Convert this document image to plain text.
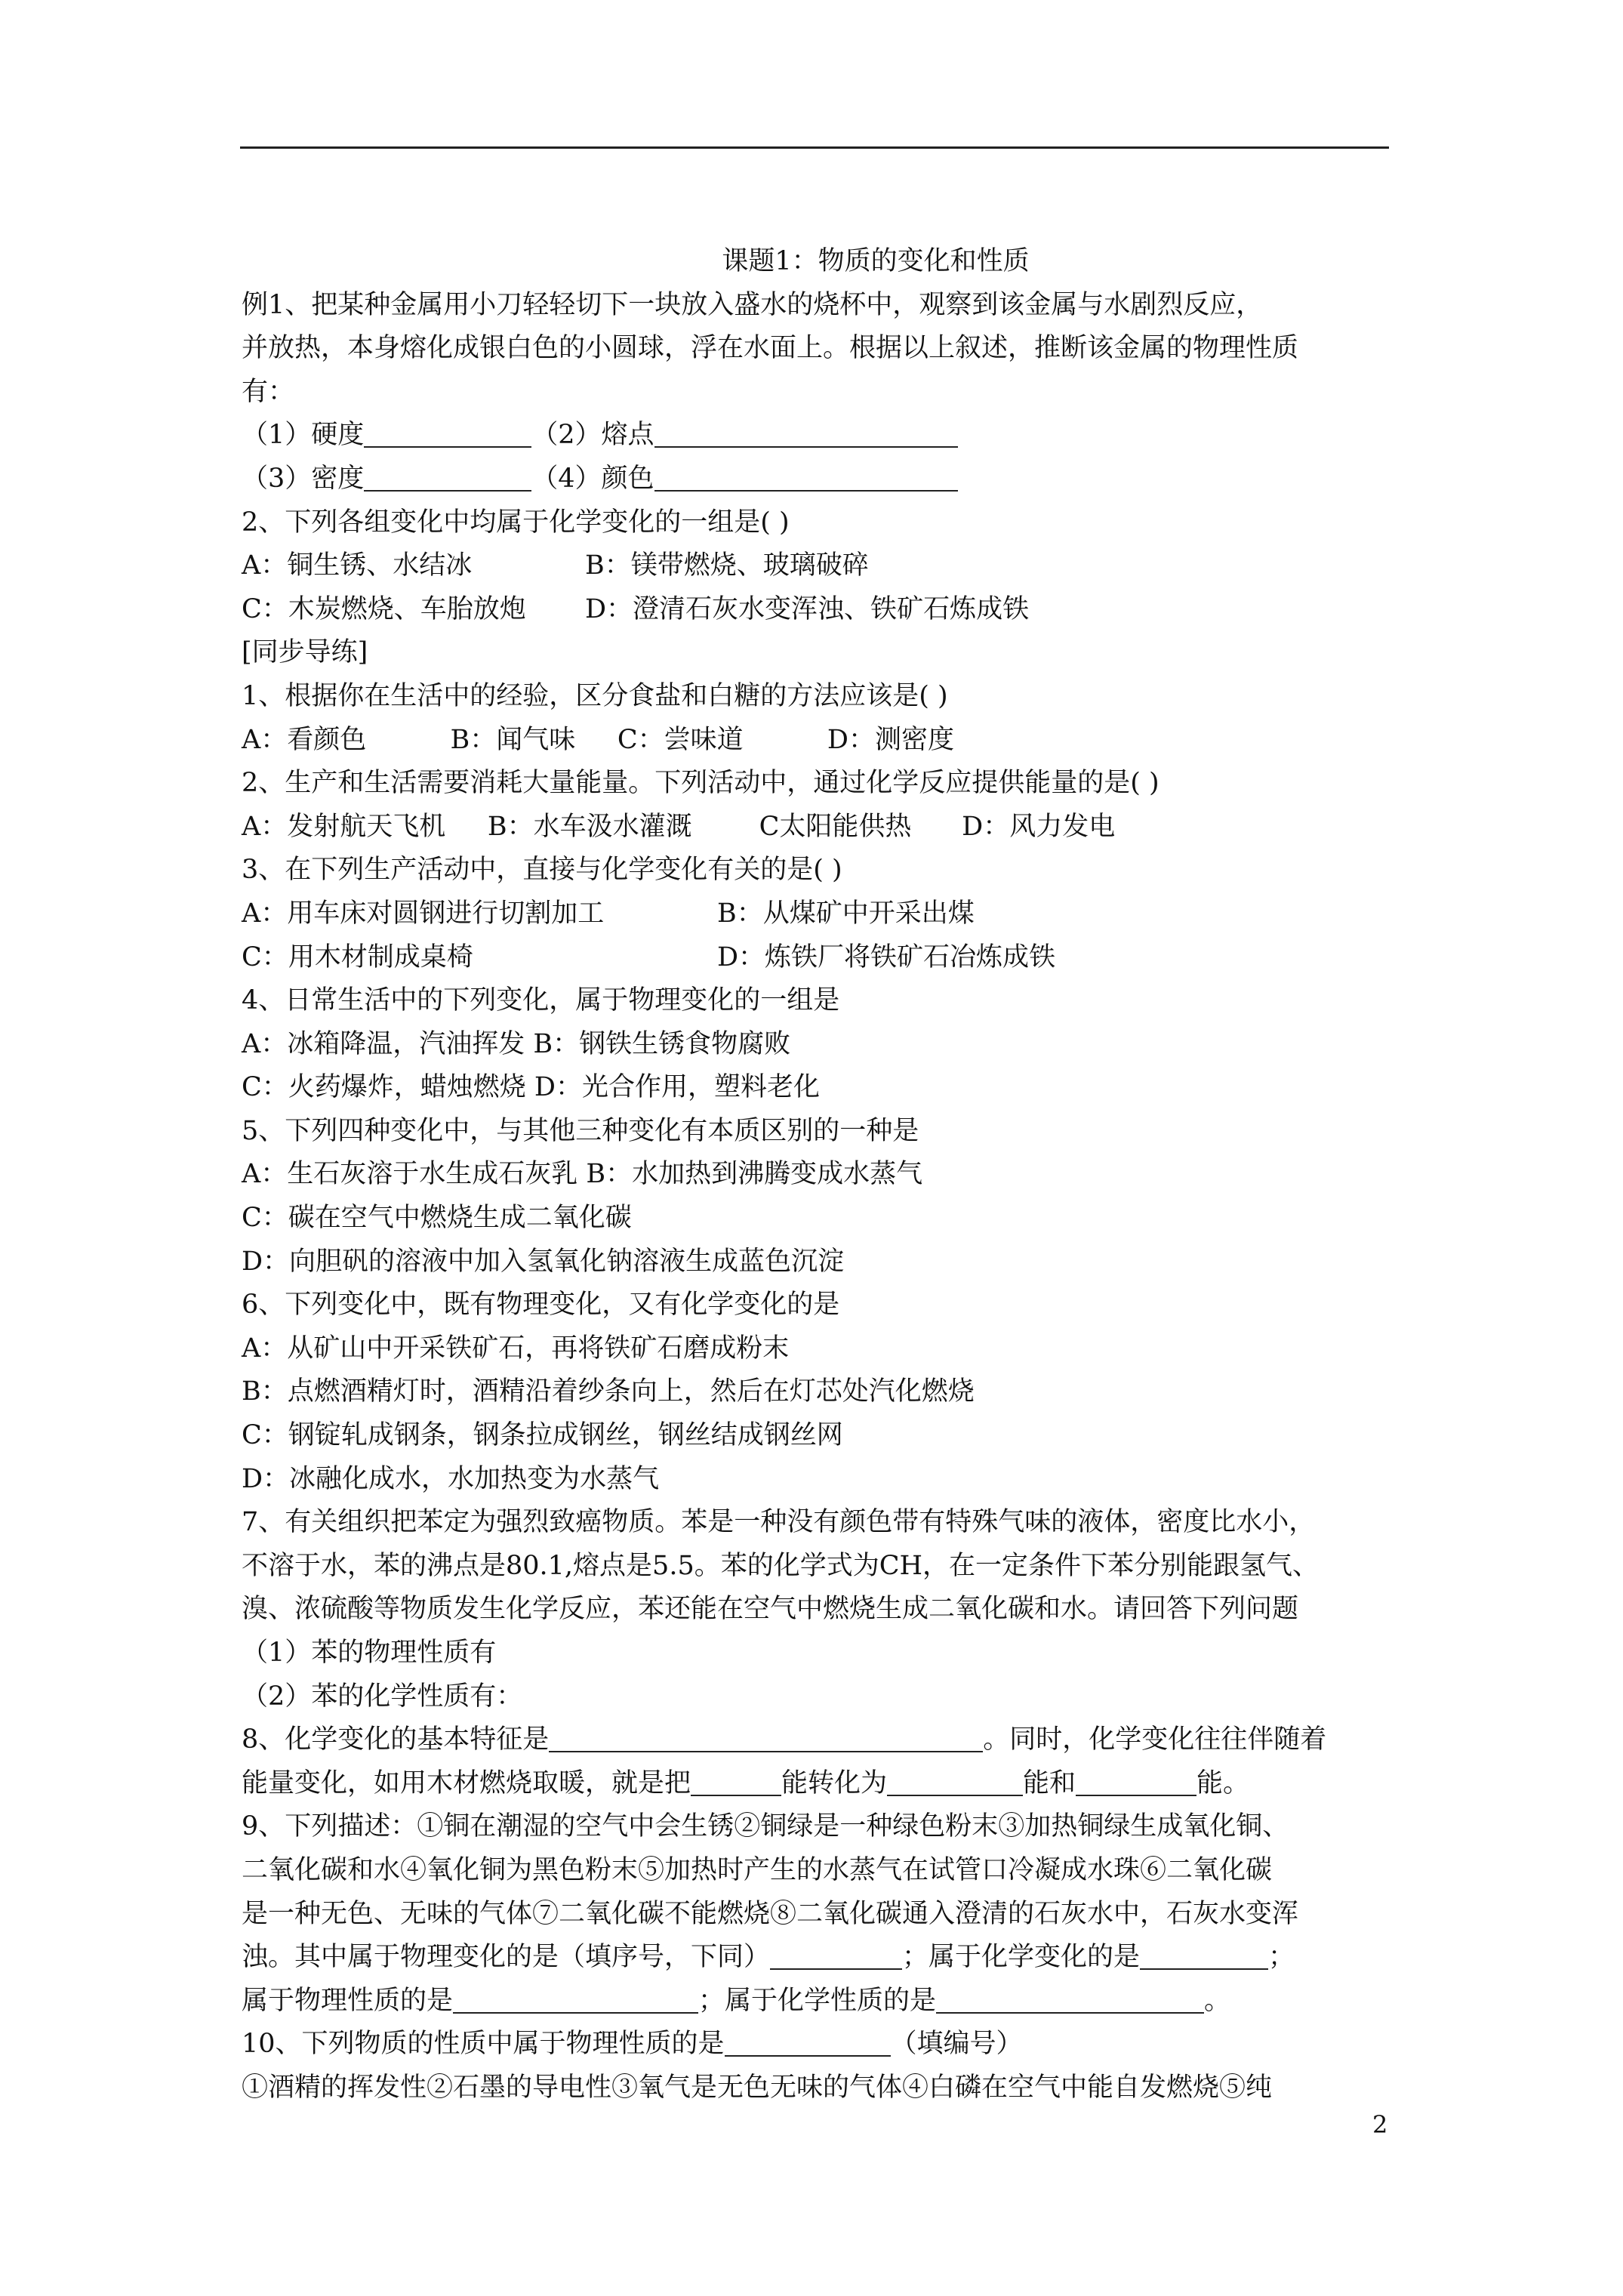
课题1：物质的变化和性质
例1、把某种金属用小刀轻轻切下一块放入盛水的烧杯中，观察到该金属与水剧烈反应，
并放热，本身熔化成银白色的小圆球，浮在水面上。根据以上叙述，推断该金属的物理性质
有：
（1）硬度	（2）熔点
（3）密度	（4）颜色
2、下列各组变化中均属于化学变化的一组是( )
A：铜生锈、水结冰	B：镁带燃烧、玻璃破碎
C：木炭燃烧、车胎放炮 D：澄清石灰水变浑浊、铁矿石炼成铁
[同步导练]
1、根据你在生活中的经验，区分食盐和白糖的方法应该是( )
A：看颜色          B：闻气味     C：尝味道          D：测密度
2、生产和生活需要消耗大量能量。下列活动中，通过化学反应提供能量的是( )
A：发射航天飞机     B：水车汲水灌溉        C太阳能供热      D：风力发电
3、在下列生产活动中，直接与化学变化有关的是( )
A：用车床对圆钢进行切割加工	B：从煤矿中开采出煤
C：用木材制成桌椅	D：炼铁厂将铁矿石冶炼成铁
4、日常生活中的下列变化，属于物理变化的一组是
A：冰箱降温，汽油挥发 B：钢铁生锈食物腐败
C：火药爆炸，蜡烛燃烧 D：光合作用，塑料老化
5、下列四种变化中，与其他三种变化有本质区别的一种是
A：生石灰溶于水生成石灰乳 B：水加热到沸腾变成水蒸气
C：碳在空气中燃烧生成二氧化碳
D：向胆矾的溶液中加入氢氧化钠溶液生成蓝色沉淀
6、下列变化中，既有物理变化，又有化学变化的是
A：从矿山中开采铁矿石，再将铁矿石磨成粉末
B：点燃酒精灯时，酒精沿着纱条向上，然后在灯芯处汽化燃烧
C：钢锭轧成钢条，钢条拉成钢丝，钢丝结成钢丝网
D：冰融化成水，水加热变为水蒸气
7、有关组织把苯定为强烈致癌物质。苯是一种没有颜色带有特殊气味的液体，密度比水小，
不溶于水，苯的沸点是80.1,熔点是5.5。苯的化学式为CH，在一定条件下苯分别能跟氢气、
溴、浓硫酸等物质发生化学反应，苯还能在空气中燃烧生成二氧化碳和水。请回答下列问题
（1）苯的物理性质有
（2）苯的化学性质有：
8、化学变化的基本特征是	。同时，化学变化往往伴随着
能量变化，如用木材燃烧取暖，就是把	能转化为	能和	能。
9、下列描述：①铜在潮湿的空气中会生锈②铜绿是一种绿色粉末③加热铜绿生成氧化铜、
二氧化碳和水④氧化铜为黑色粉末⑤加热时产生的水蒸气在试管口冷凝成水珠⑥二氧化碳
是一种无色、无味的气体⑦二氧化碳不能燃烧⑧二氧化碳通入澄清的石灰水中，石灰水变浑
浊。其中属于物理变化的是（填序号，下同）	；属于化学变化的是	；
属于物理性质的是	；属于化学性质的是	。
10、下列物质的性质中属于物理性质的是	（填编号）
①酒精的挥发性②石墨的导电性③氧气是无色无味的气体④白磷在空气中能自发燃烧⑤纯
2
